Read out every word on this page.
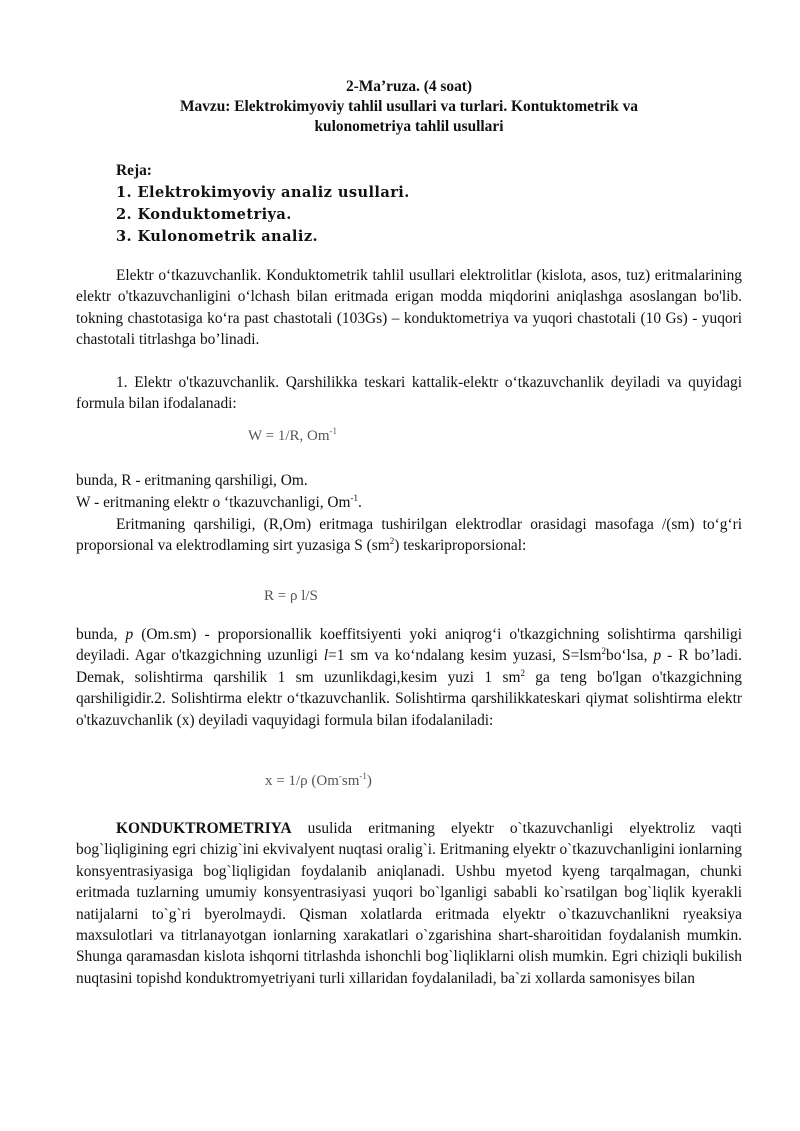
2-Ma’ruza. (4 soat)
Mavzu: Elektrokimyoviy tahlil usullari va turlari. Kontuktometrik va
kulonometriya tahlil usullari
Reja:
1. Elektrokimyoviy analiz usullari.
2. Konduktometriya.
3. Kulonometrik analiz.

Elektr o‘tkazuvchanlik. Konduktometrik tahlil usullari elektrolitlar (kislota, asos, tuz) eritmalarining elektr o'tkazuvchanligini o‘lchash bilan eritmada erigan modda miqdorini aniqlashga asoslangan bo'lib. tokning chastotasiga ko‘ra past chastotali (103Gs) – konduktometriya va yuqori chastotali (10 Gs) - yuqori chastotali titrlashga bo’linadi.

1. Elektr o'tkazuvchanlik. Qarshilikka teskari kattalik-elektr o‘tkazuvchanlik deyiladi va quyidagi formula bilan ifodalanadi:

W = 1/R, $Om^{-1}$

bunda, R - eritmaning qarshiligi, Om.

W - eritmaning elektr o ‘tkazuvchanligi, $Om^{-1}$.

Eritmaning qarshiligi, (R,Om) eritmaga tushirilgan elektrodlar orasidagi masofaga /(sm) to‘g‘ri proporsional va elektrodlaming sirt yuzasiga S $(sm^2)$ teskariproporsional:

R = ρ l/S

bunda, p (Om.sm) - proporsionallik koeffitsiyenti yoki aniqrog‘i o'tkazgichning solishtirma qarshiligi deyiladi. Agar o'tkazgichning uzunligi l=1 sm va ko‘ndalang kesim yuzasi, S=lsm$^2$bo‘lsa, p - R bo’ladi. Demak, solishtirma qarshilik 1 sm uzunlikdagi,kesim yuzi 1 $sm^2$ ga teng bo'lgan o'tkazgichning qarshiligidir.2. Solishtirma elektr o‘tkazuvchanlik. Solishtirma qarshilikkateskari qiymat solishtirma elektr o'tkazuvchanlik (x) deyiladi vaquyidagi formula bilan ifodalaniladi:

x = 1/ρ $(Om^-sm^{-1})$

KONDUKTROMETRIYA usulida eritmaning elyektr o`tkazuvchanligi elyektroliz vaqti bog`liqligining egri chizig`ini ekvivalyent nuqtasi oralig`i. Eritmaning elyektr o`tkazuvchanligini ionlarning konsyentrasiyasiga bog`liqligidan foydalanib aniqlanadi. Ushbu myetod kyeng tarqalmagan, chunki eritmada tuzlarning umumiy konsyentrasiyasi yuqori bo`lganligi sababli ko`rsatilgan bog`liqlik kyerakli natijalarni to`g`ri byerolmaydi. Qisman xolatlarda eritmada elyektr o`tkazuvchanlikni ryeaksiya maxsulotlari va titrlanayotgan ionlarning xarakatlari o`zgarishina shart-sharoitidan foydalanish mumkin. Shunga qaramasdan kislota ishqorni titrlashda ishonchli bog`liqliklarni olish mumkin. Egri chiziqli bukilish nuqtasini topishd konduktromyetriyani turli xillaridan foydalaniladi, ba`zi xollarda samonisyes bilan
